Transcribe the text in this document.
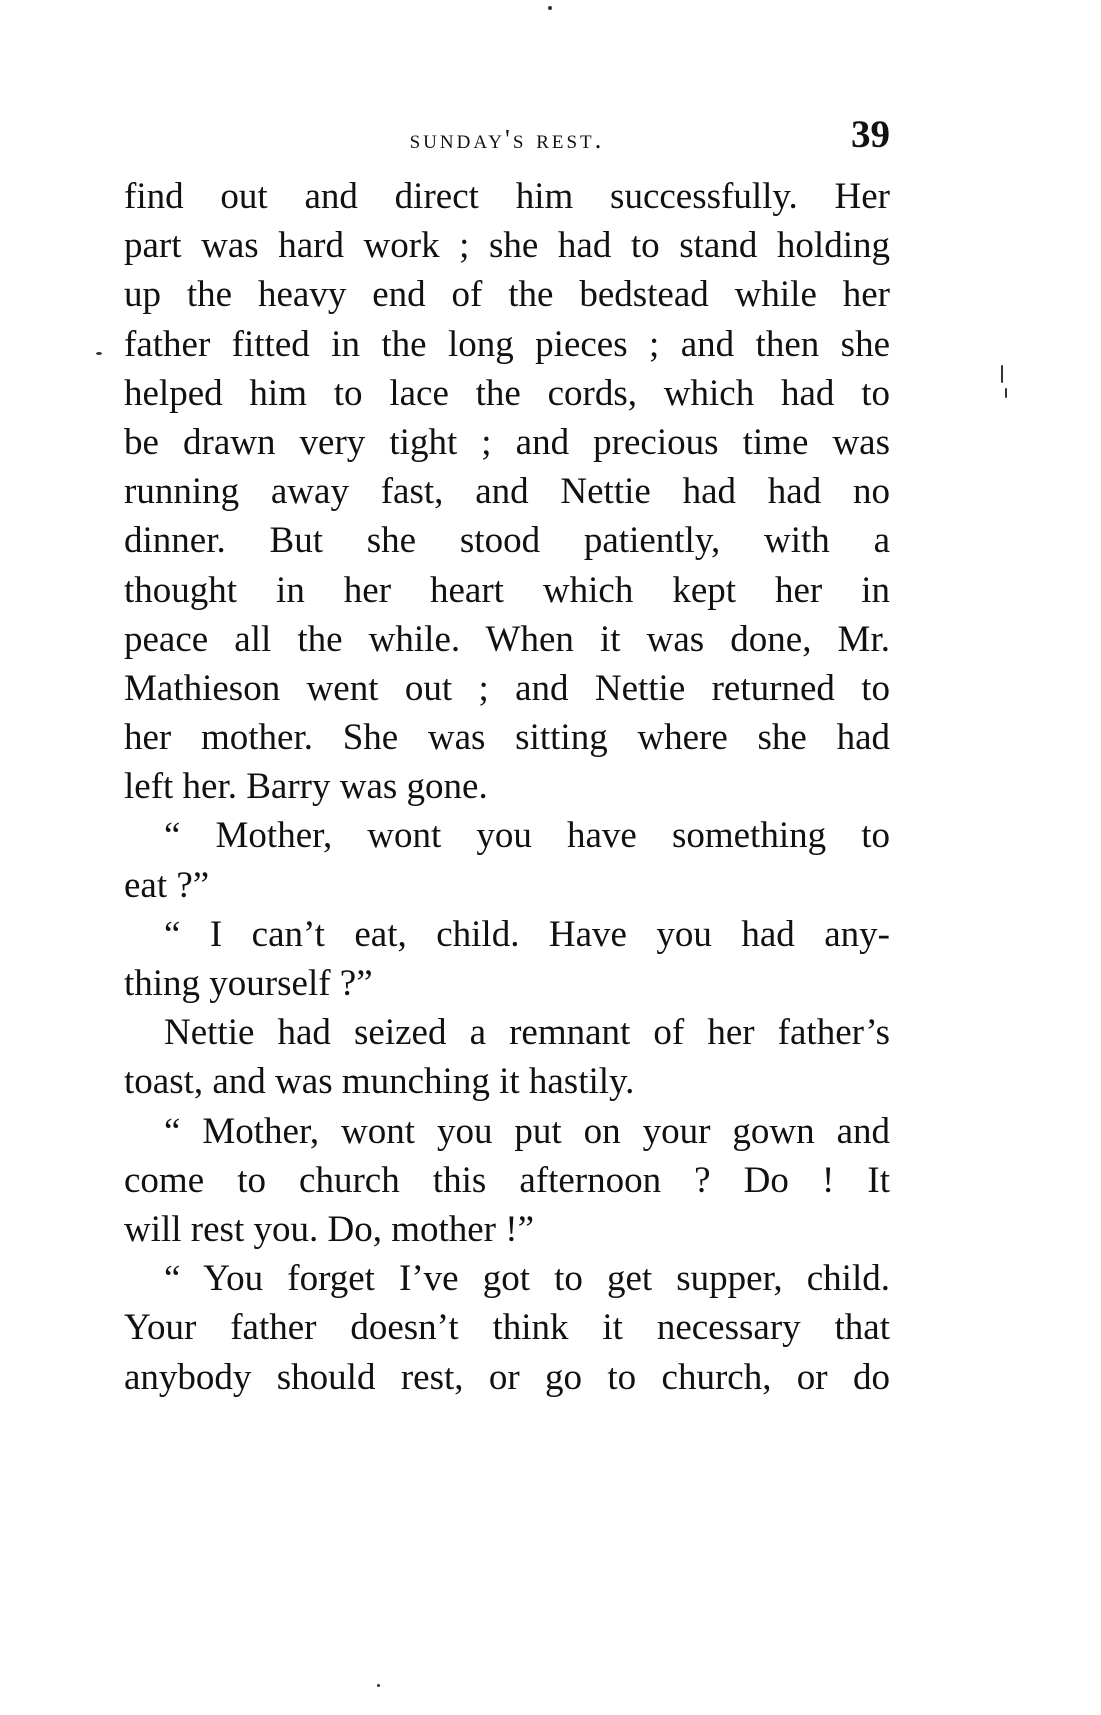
sunday's rest.	39
find out and direct him successfully. Her
part was hard work ; she had to stand holding
up the heavy end of the bedstead while her
father fitted in the long pieces ; and then she
helped him to lace the cords, which had to
be drawn very tight ; and precious time was
running away fast, and Nettie had had no
dinner. But she stood patiently, with a
thought in her heart which kept her in
peace all the while. When it was done, Mr.
Mathieson went out ; and Nettie returned to
her mother. She was sitting where she had
left her. Barry was gone.
“ Mother, wont you have something to
eat ?”
“ I can’t eat, child. Have you had any-
thing yourself ?”
Nettie had seized a remnant of her father’s
toast, and was munching it hastily.
“ Mother, wont you put on your gown and
come to church this afternoon ? Do ! It
will rest you. Do, mother !”
“ You forget I’ve got to get supper, child.
Your father doesn’t think it necessary that
anybody should rest, or go to church, or do
